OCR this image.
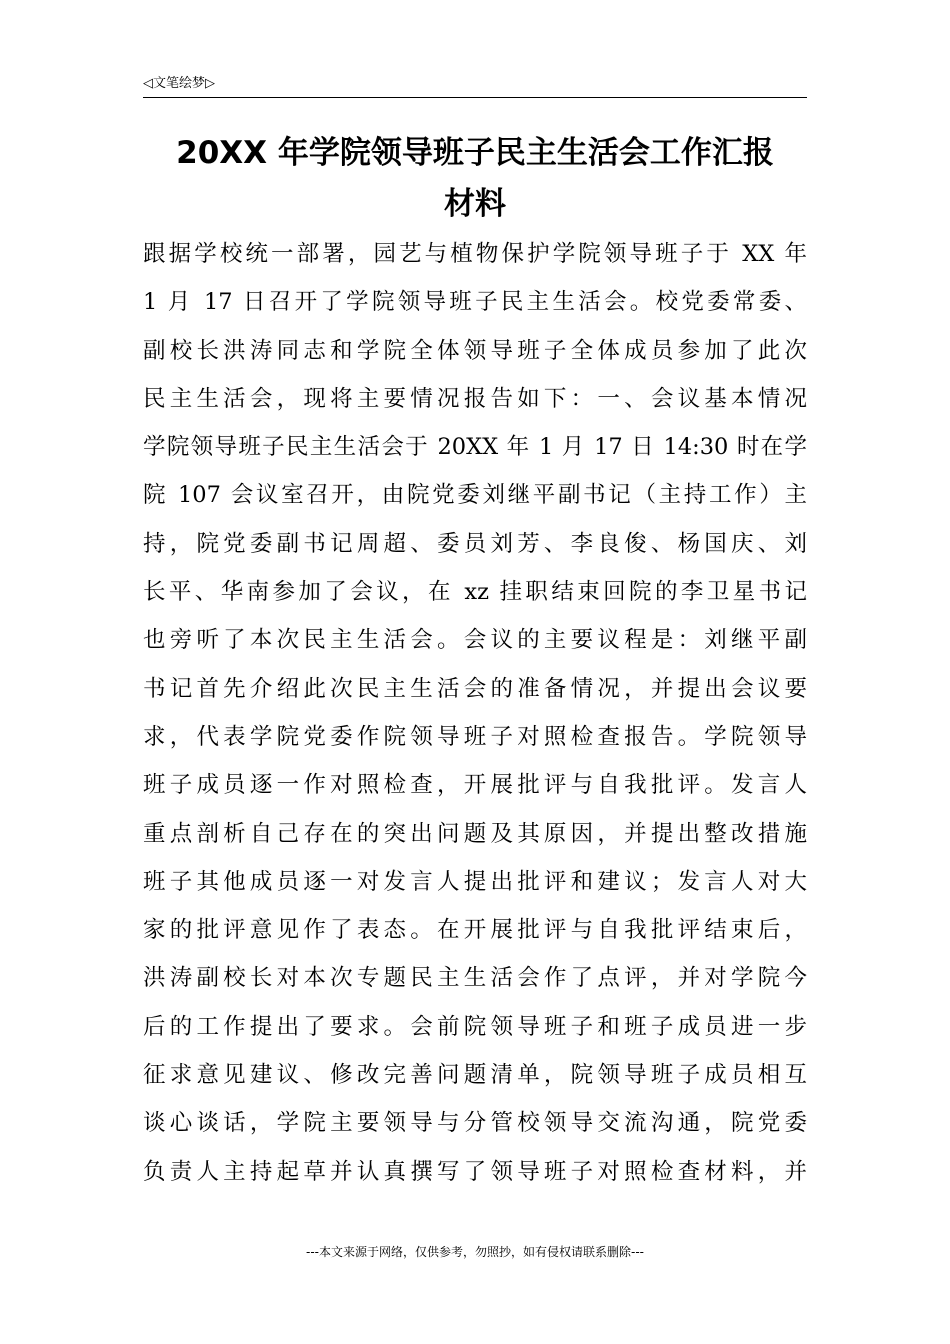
◁文笔绘梦▷
20XX 年学院领导班子民主生活会工作汇报
材料
跟据学校统一部署，园艺与植物保护学院领导班子于 XX 年
1 月 17 日召开了学院领导班子民主生活会。校党委常委、
副校长洪涛同志和学院全体领导班子全体成员参加了此次
民主生活会，现将主要情况报告如下：一、会议基本情况
学院领导班子民主生活会于 20XX 年 1 月 17 日 14:30 时在学
院 107 会议室召开，由院党委刘继平副书记（主持工作）主
持，院党委副书记周超、委员刘芳、李良俊、杨国庆、刘
长平、华南参加了会议，在 xz 挂职结束回院的李卫星书记
也旁听了本次民主生活会。会议的主要议程是：刘继平副
书记首先介绍此次民主生活会的准备情况，并提出会议要
求，代表学院党委作院领导班子对照检查报告。学院领导
班子成员逐一作对照检查，开展批评与自我批评。发言人
重点剖析自己存在的突出问题及其原因，并提出整改措施
班子其他成员逐一对发言人提出批评和建议；发言人对大
家的批评意见作了表态。在开展批评与自我批评结束后，
洪涛副校长对本次专题民主生活会作了点评，并对学院今
后的工作提出了要求。会前院领导班子和班子成员进一步
征求意见建议、修改完善问题清单，院领导班子成员相互
谈心谈话，学院主要领导与分管校领导交流沟通，院党委
负责人主持起草并认真撰写了领导班子对照检查材料，并
---本文来源于网络，仅供参考，勿照抄，如有侵权请联系删除---
